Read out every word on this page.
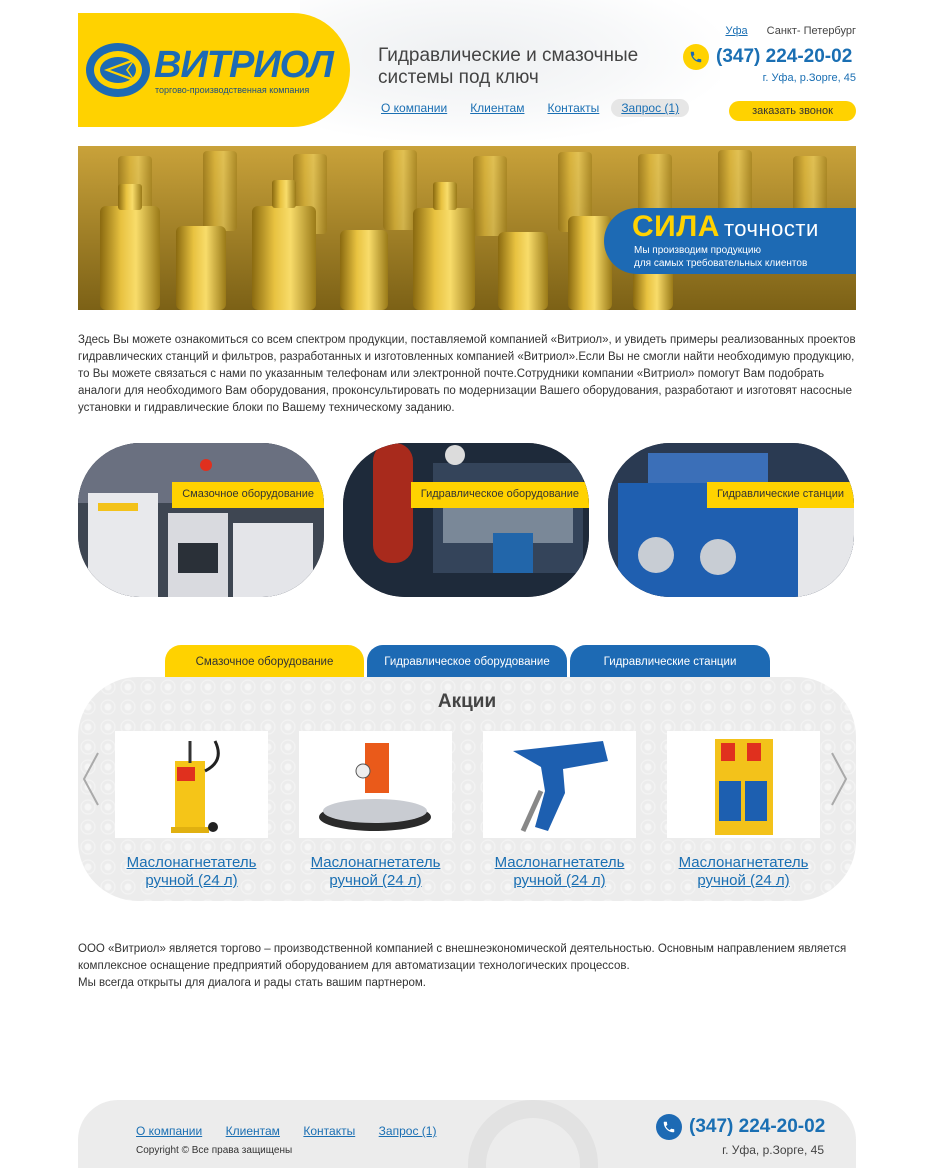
ВИТРИОЛ
торгово-производственная компания
Гидравлические и смазочные системы под ключ
О компании Клиентам Контакты	Запрос (1)
Уфа Санкт- Петербург
(347) 224-20-02
г. Уфа, р.Зорге, 45
заказать звонок
СИЛА точности
Мы производим продукцию
для самых требовательных клиентов

Здесь Вы можете ознакомиться со всем спектром продукции, поставляемой компанией «Витриол», и увидеть примеры реализованных проектов гидравлических станций и фильтров, разработанных и изготовленных компанией «Витриол».Если Вы не смогли найти необходимую продукцию, то Вы можете связаться с нами по указанным телефонам или электронной почте.Сотрудники компании «Витриол» помогут Вам подобрать аналоги для необходимого Вам оборудования, проконсультировать по модернизации Вашего оборудования, разработают и изготовят насосные установки и гидравлические блоки по Вашему техническому заданию.

Смазочное оборудование	Гидравлическое оборудование	Гидравлические станции
Смазочное оборудование	Гидравлическое оборудование	Гидравлические станции
Акции
Маслонагнетатель ручной (24 л)
Маслонагнетатель ручной (24 л)
Маслонагнетатель ручной (24 л)
Маслонагнетатель ручной (24 л)

ООО «Витриол» является торгово – производственной компанией с внешнеэкономической деятельностью. Основным направлением является комплексное оснащение предприятий оборудованием для автоматизации технологических процессов.

Мы всегда открыты для диалога и рады стать вашим партнером.

О компании Клиентам Контакты Запрос (1)
Copyright © Все права защищены
(347) 224-20-02
г. Уфа, р.Зорге, 45
